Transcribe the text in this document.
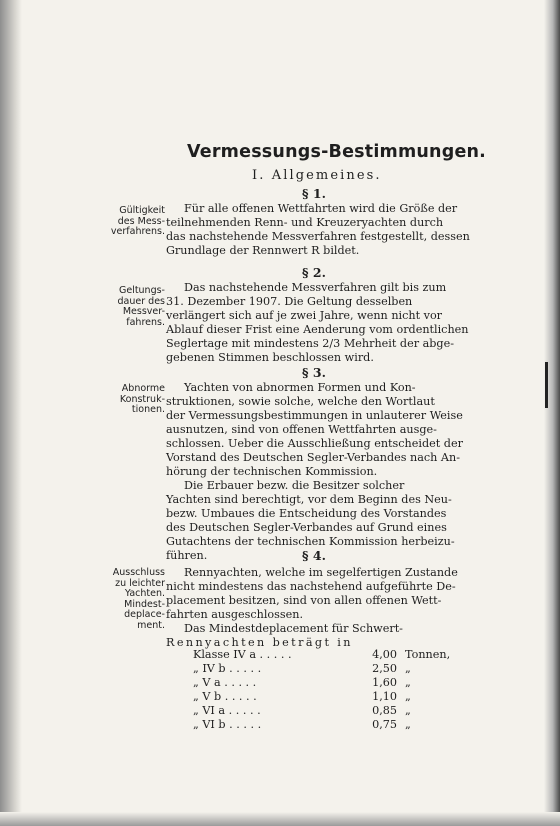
Vermessungs-Bestimmungen.
I. Allgemeines.
§ 1.
Gültigkeit
des Mess-
verfahrens.
Für alle offenen Wettfahrten wird die Größe der
teilnehmenden Renn- und Kreuzeryachten durch
das nachstehende Messverfahren festgestellt, dessen
Grundlage der Rennwert R bildet.
§ 2.
Geltungs-
dauer des
Messver-
fahrens.
Das nachstehende Messverfahren gilt bis zum
31. Dezember 1907. Die Geltung desselben
verlängert sich auf je zwei Jahre, wenn nicht vor
Ablauf dieser Frist eine Aenderung vom ordentlichen
Seglertage mit mindestens 2/3 Mehrheit der abge-
gebenen Stimmen beschlossen wird.
§ 3.
Abnorme
Konstruk-
tionen.
Yachten von abnormen Formen und Kon-
struktionen, sowie solche, welche den Wortlaut
der Vermessungsbestimmungen in unlauterer Weise
ausnutzen, sind von offenen Wettfahrten ausge-
schlossen. Ueber die Ausschließung entscheidet der
Vorstand des Deutschen Segler-Verbandes nach An-
hörung der technischen Kommission.
Die Erbauer bezw. die Besitzer solcher
Yachten sind berechtigt, vor dem Beginn des Neu-
bezw. Umbaues die Entscheidung des Vorstandes
des Deutschen Segler-Verbandes auf Grund eines
Gutachtens der technischen Kommission herbeizu-
führen.	§ 4.
Ausschluss
zu leichter
Yachten.
Mindest-
deplace-
ment.
Rennyachten, welche im segelfertigen Zustande
nicht mindestens das nachstehend aufgeführte De-
placement besitzen, sind von allen offenen Wett-
fahrten ausgeschlossen.
Das Mindestdeplacement für Schwert-
Rennyachten beträgt in
Klasse IV a . . . . .	4,00 Tonnen,
„ IV b . . . . .	2,50 „
„ V a . . . . .	1,60 „
„ V b . . . . .	1,10 „
„ VI a . . . . .	0,85 „
„ VI b . . . . .	0,75 „
